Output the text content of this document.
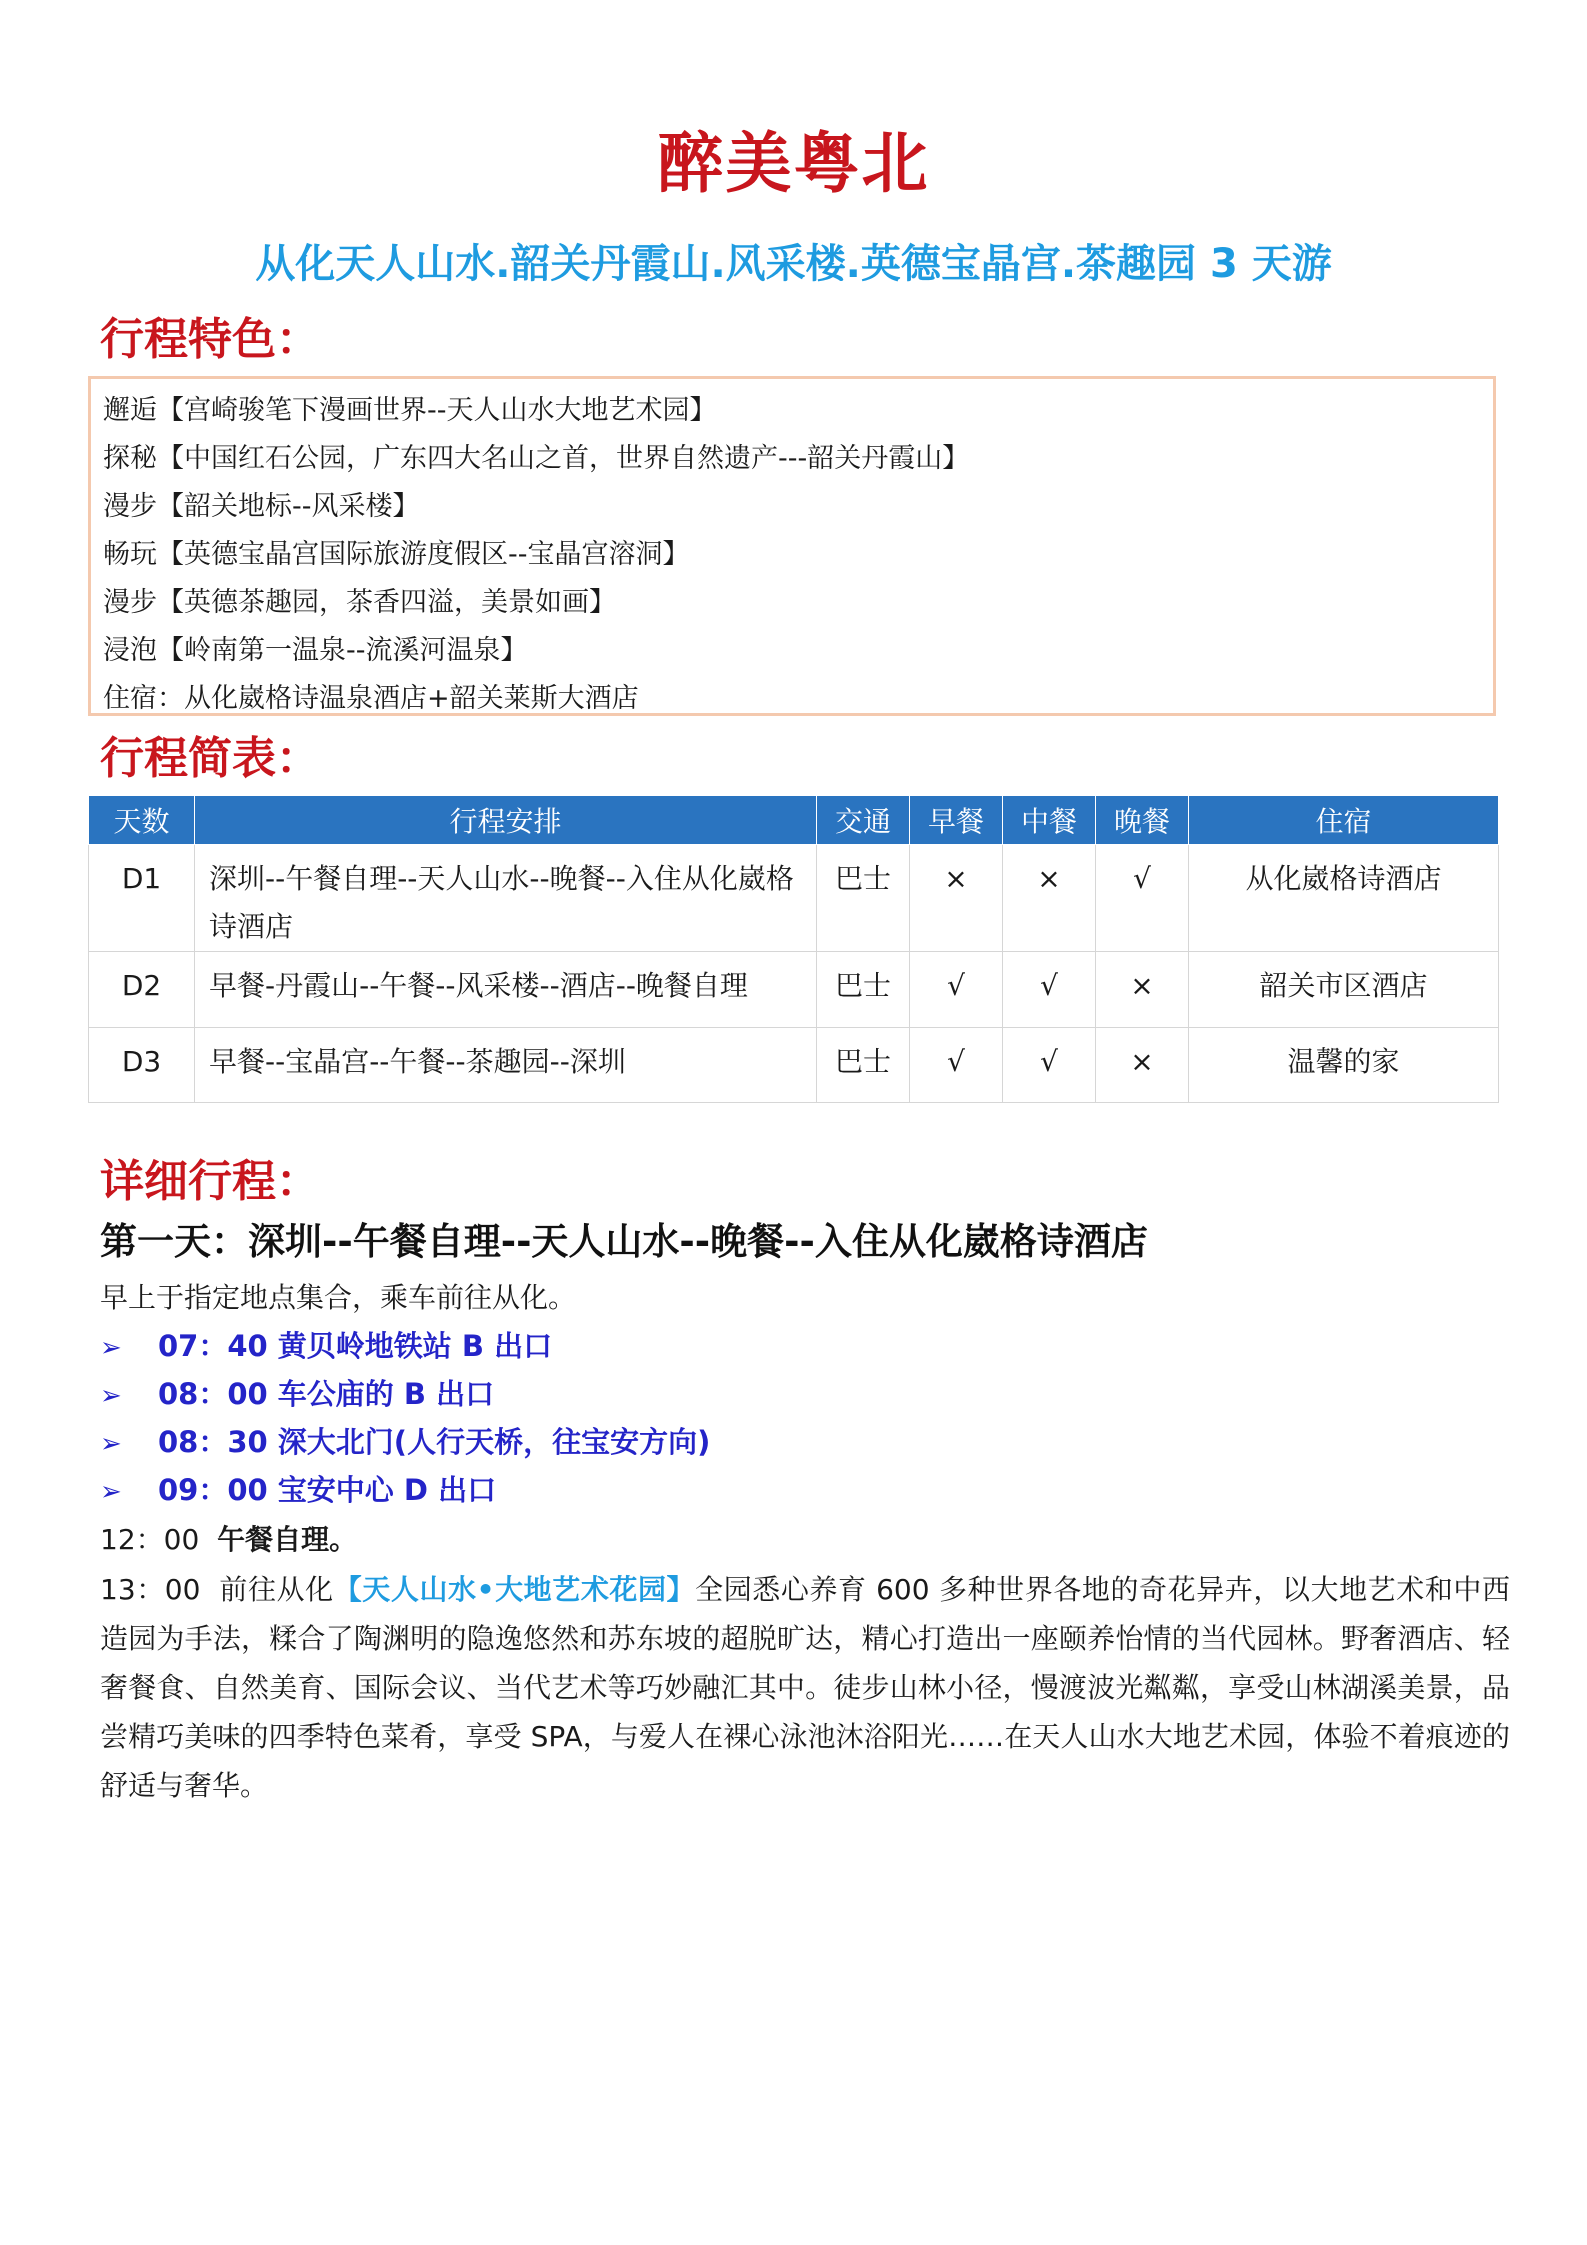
醉美粤北
从化天人山水.韶关丹霞山.风采楼.英德宝晶宫.茶趣园 3 天游
行程特色：
邂逅【宫崎骏笔下漫画世界--天人山水大地艺术园】
探秘【中国红石公园，广东四大名山之首，世界自然遗产---韶关丹霞山】
漫步【韶关地标--风采楼】
畅玩【英德宝晶宫国际旅游度假区--宝晶宫溶洞】
漫步【英德茶趣园，茶香四溢，美景如画】
浸泡【岭南第一温泉--流溪河温泉】
住宿：从化崴格诗温泉酒店+韶关莱斯大酒店
行程简表：
天数	行程安排	交通	早餐	中餐	晚餐	住宿
D1	深圳--午餐自理--天人山水--晚餐--入住从化崴格诗酒店	巴士	×	×	√	从化崴格诗酒店
D2	早餐-丹霞山--午餐--风采楼--酒店--晚餐自理	巴士	√	√	×	韶关市区酒店
D3	早餐--宝晶宫--午餐--茶趣园--深圳	巴士	√	√	×	温馨的家
详细行程：
第一天：深圳--午餐自理--天人山水--晚餐--入住从化崴格诗酒店
早上于指定地点集合，乘车前往从化。
➢ 07：40 黄贝岭地铁站 B 出口
➢ 08：00 车公庙的 B 出口
➢ 08：30 深大北门(人行天桥，往宝安方向)
➢ 09：00 宝安中心 D 出口
12：00 午餐自理。
13：00 前往从化【天人山水•大地艺术花园】全园悉心养育 600 多种世界各地的奇花异卉，以大地艺术和中西造园为手法，糅合了陶渊明的隐逸悠然和苏东坡的超脱旷达，精心打造出一座颐养怡情的当代园林。野奢酒店、轻奢餐食、自然美育、国际会议、当代艺术等巧妙融汇其中。徒步山林小径，慢渡波光粼粼，享受山林湖溪美景，品尝精巧美味的四季特色菜肴，享受 SPA，与爱人在裸心泳池沐浴阳光……在天人山水大地艺术园，体验不着痕迹的舒适与奢华。
